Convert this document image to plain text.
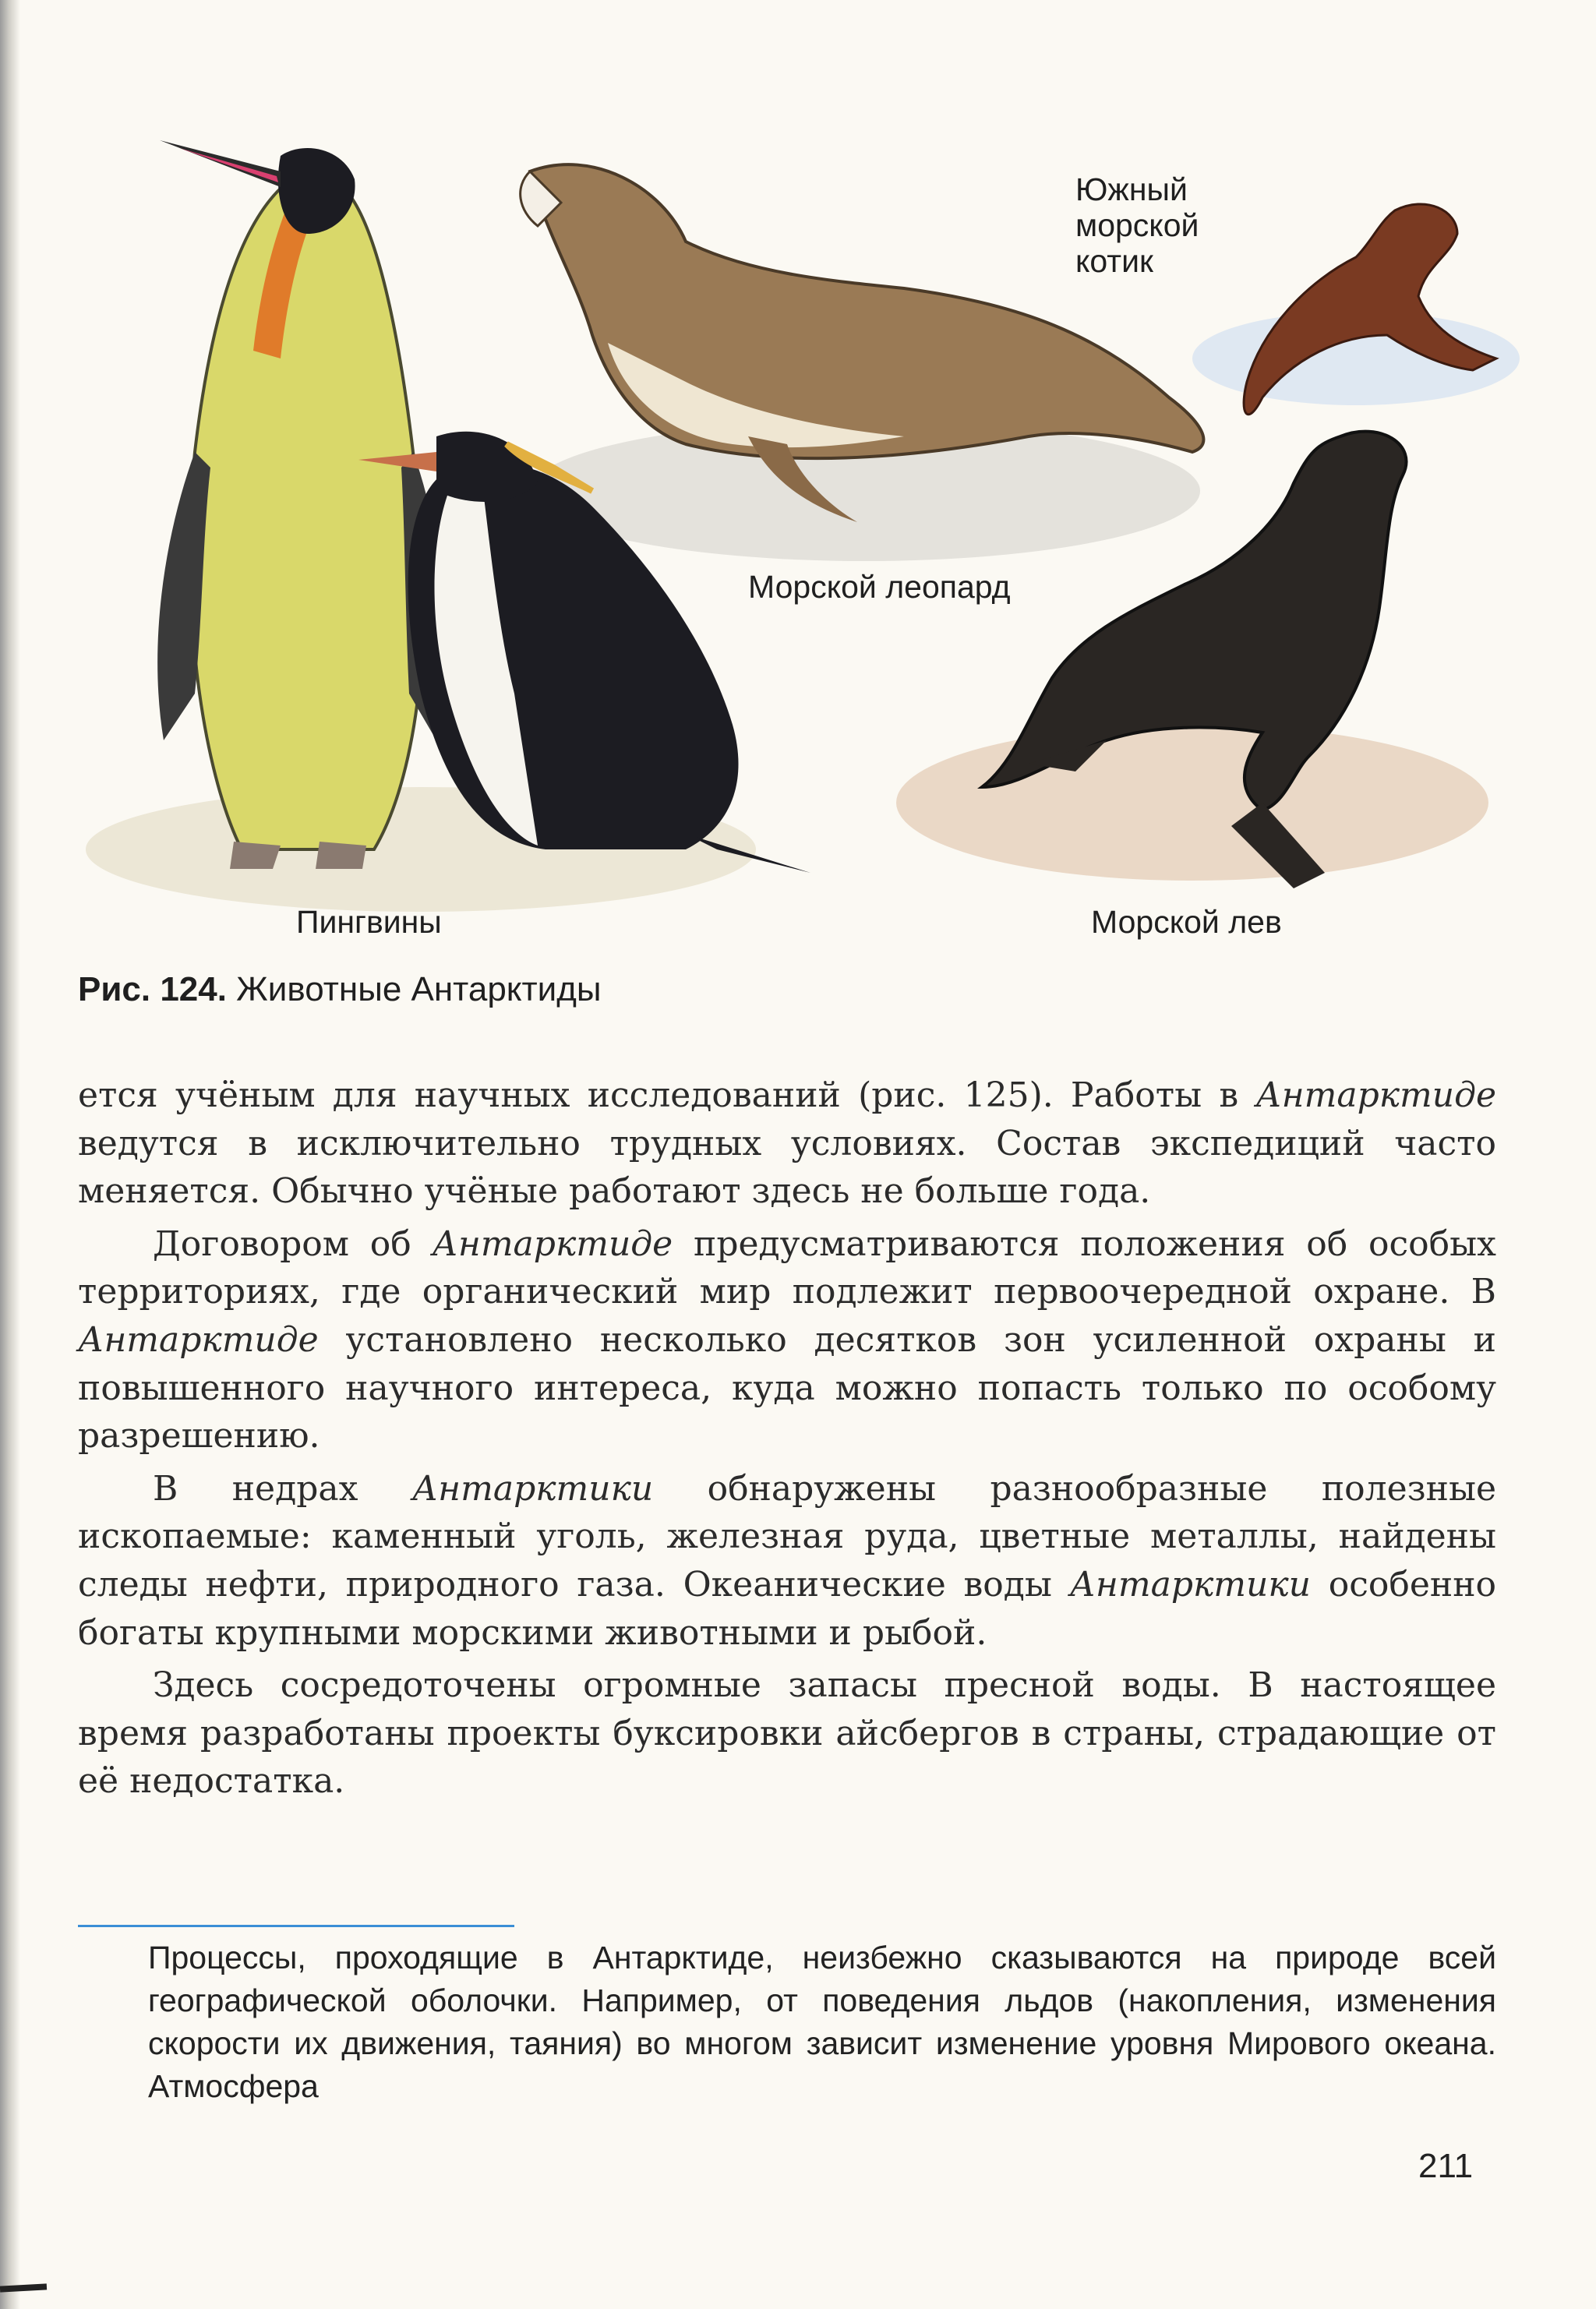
Южный
морской
котик
Морской леопард
Пингвины	Морской лев
Рис. 124. Животные Антарктиды

ется учёным для научных исследований (рис. 125). Работы в Антарктиде ведутся в исключительно трудных условиях. Состав экспедиций часто меняется. Обычно учёные работают здесь не больше года.

Договором об Антарктиде предусматриваются положения об особых территориях, где органический мир подлежит первоочередной охране. В Антарктиде установлено несколько десятков зон усиленной охраны и повышенного научного интереса, куда можно попасть только по особому разрешению.

В недрах Антарктики обнаружены разнообразные полезные ископаемые: каменный уголь, железная руда, цветные металлы, найдены следы нефти, природного газа. Океанические воды Антарктики особенно богаты крупными морскими животными и рыбой.

Здесь сосредоточены огромные запасы пресной воды. В настоящее время разработаны проекты буксировки айсбергов в страны, страдающие от её недостатка.

Процессы, проходящие в Антарктиде, неизбежно сказываются на природе всей географической оболочки. Например, от поведения льдов (накопления, изменения скорости их движения, таяния) во многом зависит изменение уровня Мирового океана. Атмосфера
211
